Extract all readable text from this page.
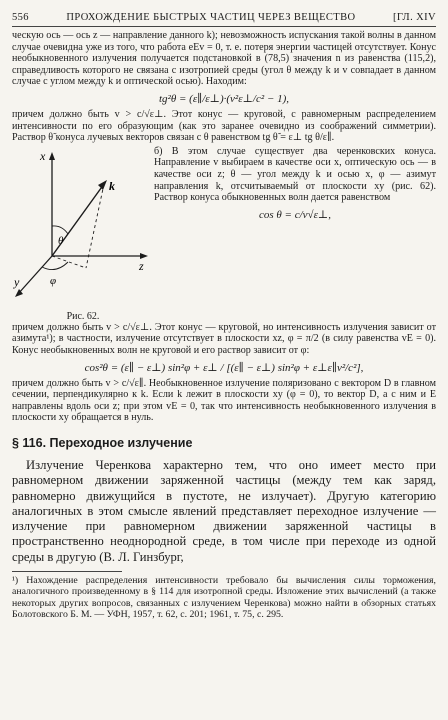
556	ПРОХОЖДЕНИЕ БЫСТРЫХ ЧАСТИЦ ЧЕРЕЗ ВЕЩЕСТВО	[ГЛ. XIV

ческую ось — ось z — направление данного k); невозможность испускания такой волны в данном случае очевидна уже из того, что работа eEv = 0, т. е. потеря энергии частицей отсутствует. Конус необыкновенного излучения получается подстановкой в (78,5) значения n из равенства (115,2), справедливость которого не связана с изотропией среды (угол θ между k и v совпадает в данном случае с углом между k и оптической осью). Находим:

tg²θ = (ε∥/ε⊥)·(v²ε⊥/c² − 1),

причем должно быть v > c/√ε⊥. Этот конус — круговой, с равномерным распределением интенсивности по его образующим (как это заранее очевидно из соображений симметрии). Раствор θ̃ конуса лучевых векторов связан с θ равенством tg θ̃ = ε⊥ tg θ/ε∥.

x
z
y
k
θ
φ
Рис. 62.

б) В этом случае существует два черенковских конуса. Направление v выбираем в качестве оси x, оптическую ось — в качестве оси z; θ — угол между k и осью x, φ — азимут направления k, отсчитываемый от плоскости xy (рис. 62). Раствор конуса обыкновенных волн дается равенством

cos θ = c/v√ε⊥,

причем должно быть v > c/√ε⊥. Этот конус — круговой, но интенсивность излучения зависит от азимута¹); в частности, излучение отсутствует в плоскости xz, φ = π/2 (в силу равенства vE = 0). Конус необыкновенных волн не круговой и его раствор зависит от φ:

cos²θ = (ε∥ − ε⊥) sin²φ + ε⊥ / [(ε∥ − ε⊥) sin²φ + ε⊥ε∥v²/c²],

причем должно быть v > c/√ε∥. Необыкновенное излучение поляризовано с вектором D в главном сечении, перпендикулярно к k. Если k лежит в плоскости xy (φ = 0), то вектор D, а с ним и E направлены вдоль оси z; при этом vE = 0, так что интенсивность необыкновенного излучения в плоскости xy обращается в нуль.

§ 116. Переходное излучение

Излучение Черенкова характерно тем, что оно имеет место при равномерном движении заряженной частицы (между тем как заряд, равномерно движущийся в пустоте, не излучает). Другую категорию аналогичных в этом смысле явлений представляет переходное излучение — излучение при равномерном движении заряженной частицы в пространственно неоднородной среде, в том числе при переходе из одной среды в другую (В. Л. Гинзбург,

¹) Нахождение распределения интенсивности требовало бы вычисления силы торможения, аналогичного произведенному в § 114 для изотропной среды. Изложение этих вычислений (а также некоторых других вопросов, связанных с излучением Черенкова) можно найти в обзорных статьях Болотовского Б. М. — УФН, 1957, т. 62, с. 201; 1961, т. 75, с. 295.
